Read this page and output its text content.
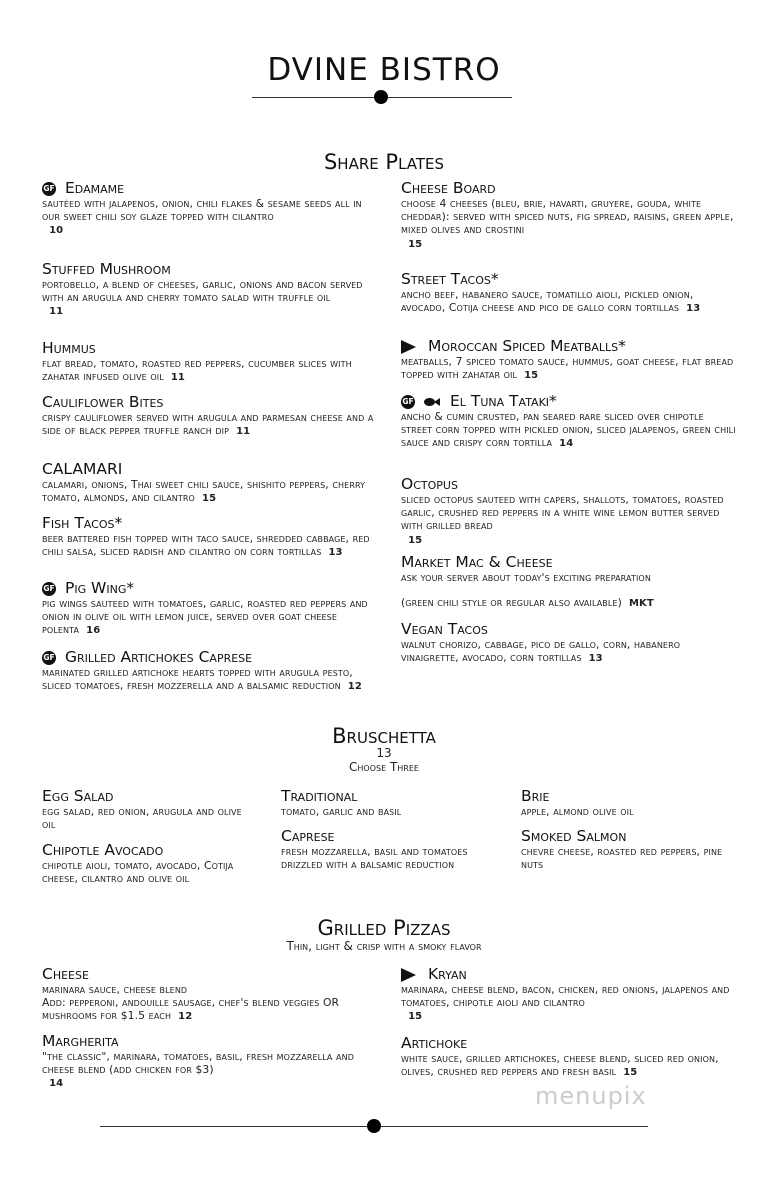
DVINE BISTRO
Share Plates
GF Edamame
sautéed with jalapenos, onion, chili flakes & sesame seeds all in our sweet chili soy glaze topped with cilantro
10
Stuffed Mushroom
portobello, a blend of cheeses, garlic, onions and bacon served with an arugula and cherry tomato salad with truffle oil
11
Hummus
flat bread, tomato, roasted red peppers, cucumber slices with zahatar infused olive oil 11
Cauliflower Bites
crispy cauliflower served with arugula and parmesan cheese and a side of black pepper truffle ranch dip 11
CALAMARI
calamari, onions, Thai sweet chili sauce, shishito peppers, cherry tomato, almonds, and cilantro 15
Fish Tacos*
beer battered fish topped with taco sauce, shredded cabbage, red chili salsa, sliced radish and cilantro on corn tortillas 13
GF Pig Wing*
pig wings sauteed with tomatoes, garlic, roasted red peppers and onion in olive oil with lemon juice, served over goat cheese polenta 16
GF Grilled Artichokes Caprese
marinated grilled artichoke hearts topped with arugula pesto, sliced tomatoes, fresh mozzerella and a balsamic reduction 12
Cheese Board
choose 4 cheeses (bleu, brie, havarti, gruyere, gouda, white cheddar): served with spiced nuts, fig spread, raisins, green apple, mixed olives and crostini
15
Street Tacos*
ancho beef, habanero sauce, tomatillo aioli, pickled onion, avocado, Cotija cheese and pico de gallo corn tortillas 13
Moroccan Spiced Meatballs*
meatballs, 7 spiced tomato sauce, hummus, goat cheese, flat bread topped with zahatar oil 15
GF El Tuna Tataki*
ancho & cumin crusted, pan seared rare sliced over chipotle street corn topped with pickled onion, sliced jalapenos, green chili sauce and crispy corn tortilla 14
Octopus
sliced octopus sauteed with capers, shallots, tomatoes, roasted garlic, crushed red peppers in a white wine lemon butter served with grilled bread
15
Market Mac & Cheese
ask your server about today's exciting preparation
(green chili style or regular also available) MKT
Vegan Tacos
walnut chorizo, cabbage, pico de gallo, corn, habanero vinaigrette, avocado, corn tortillas 13
Bruschetta
13
Choose Three
Egg Salad
egg salad, red onion, arugula and olive oil
Chipotle Avocado
chipotle aioli, tomato, avocado, Cotija cheese, cilantro and olive oil
Traditional
tomato, garlic and basil
Caprese
fresh mozzarella, basil and tomatoes drizzled with a balsamic reduction
Brie
apple, almond olive oil
Smoked Salmon
chevre cheese, roasted red peppers, pine nuts
Grilled Pizzas
Thin, light & crisp with a smoky flavor
Cheese
marinara sauce, cheese blend
Add: pepperoni, andouille sausage, chef's blend veggies OR mushrooms for $1.5 each 12
Margherita
"the classic", marinara, tomatoes, basil, fresh mozzarella and cheese blend (add chicken for $3)
14
Kryan
marinara, cheese blend, bacon, chicken, red onions, jalapenos and tomatoes, chipotle aioli and cilantro
15
Artichoke
white sauce, grilled artichokes, cheese blend, sliced red onion, olives, crushed red peppers and fresh basil 15
menupix
